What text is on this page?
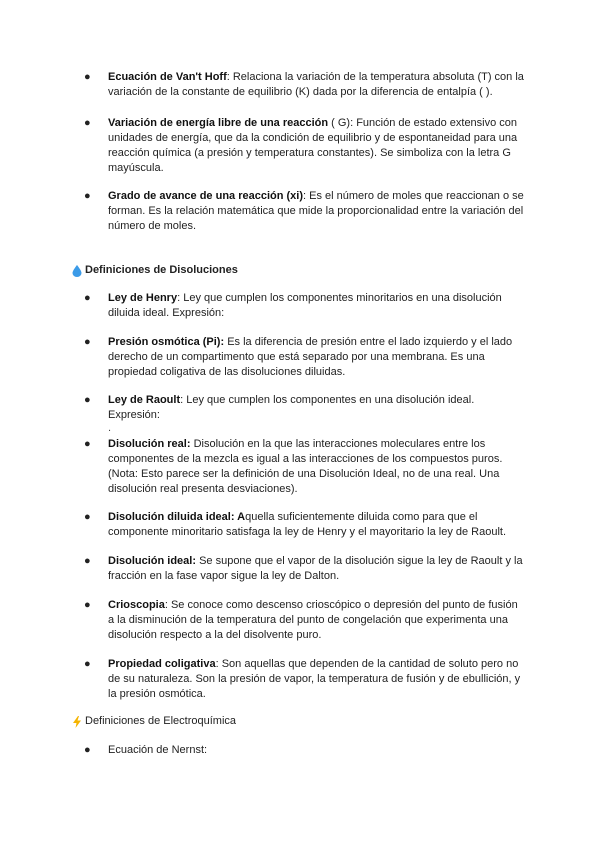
● Ecuación de Van't Hoff: Relaciona la variación de la temperatura absoluta (T) con la variación de la constante de equilibrio (K) dada por la diferencia de entalpía ( ).
● Variación de energía libre de una reacción ( G): Función de estado extensivo con unidades de energía, que da la condición de equilibrio y de espontaneidad para una reacción química (a presión y temperatura constantes). Se simboliza con la letra G mayúscula.
● Grado de avance de una reacción (xi): Es el número de moles que reaccionan o se forman. Es la relación matemática que mide la proporcionalidad entre la variación del número de moles.
Definiciones de Disoluciones
● Ley de Henry: Ley que cumplen los componentes minoritarios en una disolución diluida ideal. Expresión:
● Presión osmótica (Pi): Es la diferencia de presión entre el lado izquierdo y el lado derecho de un compartimento que está separado por una membrana. Es una propiedad coligativa de las disoluciones diluidas.
● Ley de Raoult: Ley que cumplen los componentes en una disolución ideal. Expresión:
.
● Disolución real: Disolución en la que las interacciones moleculares entre los componentes de la mezcla es igual a las interacciones de los compuestos puros. (Nota: Esto parece ser la definición de una Disolución Ideal, no de una real. Una disolución real presenta desviaciones).
● Disolución diluida ideal: Aquella suficientemente diluida como para que el componente minoritario satisfaga la ley de Henry y el mayoritario la ley de Raoult.
● Disolución ideal: Se supone que el vapor de la disolución sigue la ley de Raoult y la fracción en la fase vapor sigue la ley de Dalton.
● Crioscopia: Se conoce como descenso crioscópico o depresión del punto de fusión a la disminución de la temperatura del punto de congelación que experimenta una disolución respecto a la del disolvente puro.
● Propiedad coligativa: Son aquellas que dependen de la cantidad de soluto pero no de su naturaleza. Son la presión de vapor, la temperatura de fusión y de ebullición, y la presión osmótica.
Definiciones de Electroquímica
● Ecuación de Nernst:
